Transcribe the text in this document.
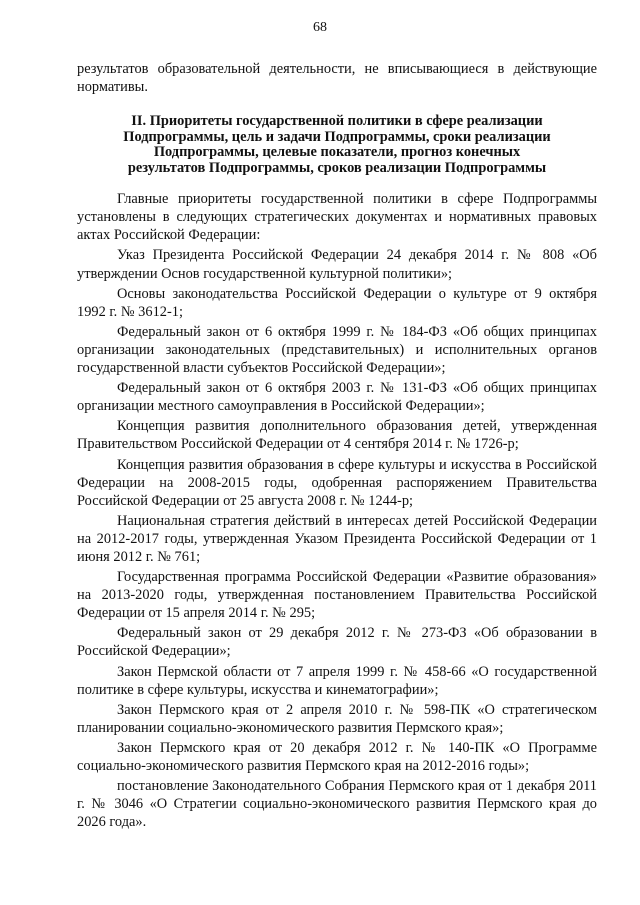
68

результатов образовательной деятельности, не вписывающиеся в действующие нормативы.

II. Приоритеты государственной политики в сфере реализации
Подпрограммы, цель и задачи Подпрограммы, сроки реализации
Подпрограммы, целевые показатели, прогноз конечных
результатов Подпрограммы, сроков реализации Подпрограммы

Главные приоритеты государственной политики в сфере Подпрограммы установлены в следующих стратегических документах и нормативных правовых актах Российской Федерации:

Указ Президента Российской Федерации 24 декабря 2014 г. № 808 «Об утверждении Основ государственной культурной политики»;

Основы законодательства Российской Федерации о культуре от 9 октября 1992 г. № 3612-1;

Федеральный закон от 6 октября 1999 г. № 184-ФЗ «Об общих принципах организации законодательных (представительных) и исполнительных органов государственной власти субъектов Российской Федерации»;

Федеральный закон от 6 октября 2003 г. № 131-ФЗ «Об общих принципах организации местного самоуправления в Российской Федерации»;

Концепция развития дополнительного образования детей, утвержденная Правительством Российской Федерации от 4 сентября 2014 г. № 1726-р;

Концепция развития образования в сфере культуры и искусства в Российской Федерации на 2008-2015 годы, одобренная распоряжением Правительства Российской Федерации от 25 августа 2008 г. № 1244-р;

Национальная стратегия действий в интересах детей Российской Федерации на 2012-2017 годы, утвержденная Указом Президента Российской Федерации от 1 июня 2012 г. № 761;

Государственная программа Российской Федерации «Развитие образования» на 2013-2020 годы, утвержденная постановлением Правительства Российской Федерации от 15 апреля 2014 г. № 295;

Федеральный закон от 29 декабря 2012 г. № 273-ФЗ «Об образовании в Российской Федерации»;

Закон Пермской области от 7 апреля 1999 г. № 458-66 «О государственной политике в сфере культуры, искусства и кинематографии»;

Закон Пермского края от 2 апреля 2010 г. № 598-ПК «О стратегическом планировании социально-экономического развития Пермского края»;

Закон Пермского края от 20 декабря 2012 г. № 140-ПК «О Программе социально-экономического развития Пермского края на 2012-2016 годы»;

постановление Законодательного Собрания Пермского края от 1 декабря 2011 г. № 3046 «О Стратегии социально-экономического развития Пермского края до 2026 года».
